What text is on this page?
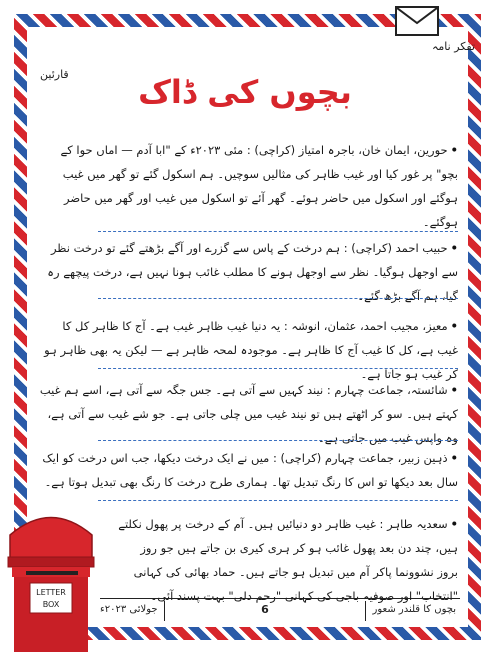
تفکر نامہ
قارئین	بچوں کی ڈاک

•حورین، ایمان خان، باجرہ امتیاز (کراچی) : مئی ۲۰۲۳ء کے "ابا آدم — اماں حوا کے بچو" پر غور کیا اور غیب ظاہر کی مثالیں سوچیں۔ ہم اسکول گئے تو گھر میں غیب ہوگئے اور اسکول میں حاضر ہوئے۔ گھر آئے تو اسکول میں غیب اور گھر میں حاضر ہوگئے۔

•حبیب احمد (کراچی) : ہم درخت کے پاس سے گزرے اور آگے بڑھتے گئے تو درخت نظر سے اوجھل ہوگیا۔ نظر سے اوجھل ہونے کا مطلب غائب ہونا نہیں ہے، درخت پیچھے رہ گیا، ہم آگے بڑھ گئے۔

•معیز، مجیب احمد، عثمان، انوشہ : یہ دنیا غیب ظاہر غیب ہے۔ آج کا ظاہر کل کا غیب ہے، کل کا غیب آج کا ظاہر ہے۔ موجودہ لمحہ ظاہر ہے — لیکن یہ بھی ظاہر ہو کر غیب ہو جاتا ہے۔

•شائستہ، جماعت چہارم : نیند کہیں سے آتی ہے۔ جس جگہ سے آتی ہے، اسے ہم غیب کہتے ہیں۔ سو کر اٹھتے ہیں تو نیند غیب میں چلی جاتی ہے۔ جو شے غیب سے آتی ہے، وہ واپس غیب میں جاتی ہے۔

•ذہین زبیر، جماعت چہارم (کراچی) : میں نے ایک درخت دیکھا، جب اس درخت کو ایک سال بعد دیکھا تو اس کا رنگ تبدیل تھا۔ ہماری طرح درخت کا رنگ بھی تبدیل ہوتا ہے۔

•سعدیہ طاہر : غیب ظاہر دو دنیائیں ہیں۔ آم کے درخت پر پھول نکلتے ہیں، چند دن بعد پھول غائب ہو کر ہری کیری بن جاتے ہیں جو روز بروز نشوونما پاکر آم میں تبدیل ہو جاتے ہیں۔ حماد بھائی کی کہانی "انتخاب" اور صوفیہ باجی کی کہانی "رحم دلی" بہت پسند آئی۔

LETTER
BOX	بچوں کا قلندر شعور
6
جولائی ۲۰۲۳ء
